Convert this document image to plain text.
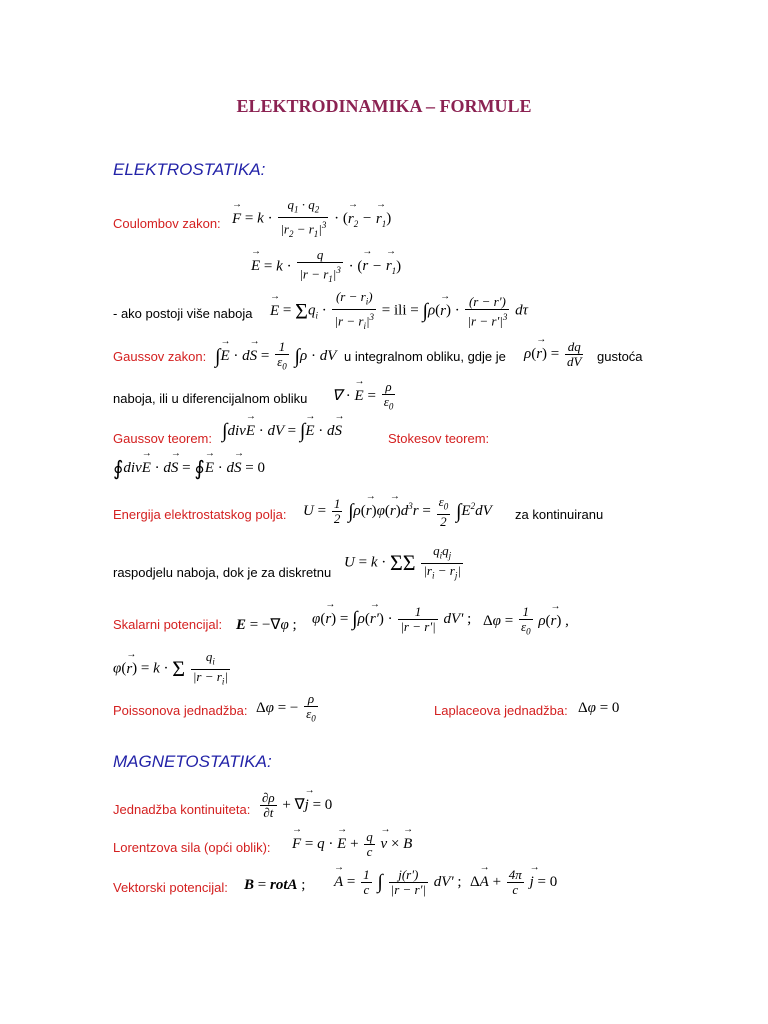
ELEKTRODINAMIKA – FORMULE
ELEKTROSTATIKA:
Coulombov zakon:
→ $F = k \cdot \frac{q_1 \cdot q_2}{|r_2 - r_1|^3}$ · (→ $r_2$ − → $r_1$)
→ $E = k \cdot \frac{q}{|r - r_1|^3}$ · (→ r − → $r_1$)
- ako postoji više naboja
→ $E = \Sigma q_i \cdot \frac{(r - r_i)}{|r - r_i|^3}$ = ili = $\int\rho(\to r) \cdot \frac{(r - r')}{|r - r'|^3}$ dτ
Gaussov zakon: ∫→ $E \cdot d\to S = \frac{1}{\varepsilon_0} \int\rho$ · dV u integralnom obliku, gdje je $\rho(\to r) = \frac{dq}{dV}$ gustoća
naboja, ili u diferencijalnom obliku ∇ · → $E = \frac{\rho}{\varepsilon_0}$
Gaussov teorem: ∫div→ E · dV = ∫→ E · d→ S	Stokesov teorem:
∮div→ E · d→ S = ∮→ E · d→ S = 0
Energija elektrostatskog polja: $U = \frac{1}{2} \int\rho(\to r)\varphi(\to r)d^3r = \frac{\varepsilon_0}{2} \int E^2dV$ za kontinuiranu
raspodjelu naboja, dok je za diskretnu
U = k · ΣΣ $\frac{q_iq_j}{|r_i - r_j|}$
Skalarni potencijal: E = −∇φ ; $\varphi(\to r) = \int\rho(\to r') \cdot \frac{1}{|r - r'|} dV'$ ; $\Delta\varphi = \frac{1}{\varepsilon_0} \rho(\to r)$ ,
φ(→ r) = k · Σ $\frac{q_i}{|r - r_i|}$
Poissonova jednadžba: Δφ = − $\frac{\rho}{\varepsilon_0}$	Laplaceova jednadžba: Δφ = 0
MAGNETOSTATIKA:
Jednadžba kontinuiteta: $\frac{\partial\rho}{\partial t}$ + ∇→ j = 0
Lorentzova sila (opći oblik):
→ F = q · → $E + \frac{q}{c}$
→ v × → B
Vektorski potencijal: B = rotA ;
→ $A = \frac{1}{c}$ ∫ $\frac{j(r')}{|r - r'|} dV'$ ; $\Delta\to A + \frac{4\pi}{c}$
→ j = 0
